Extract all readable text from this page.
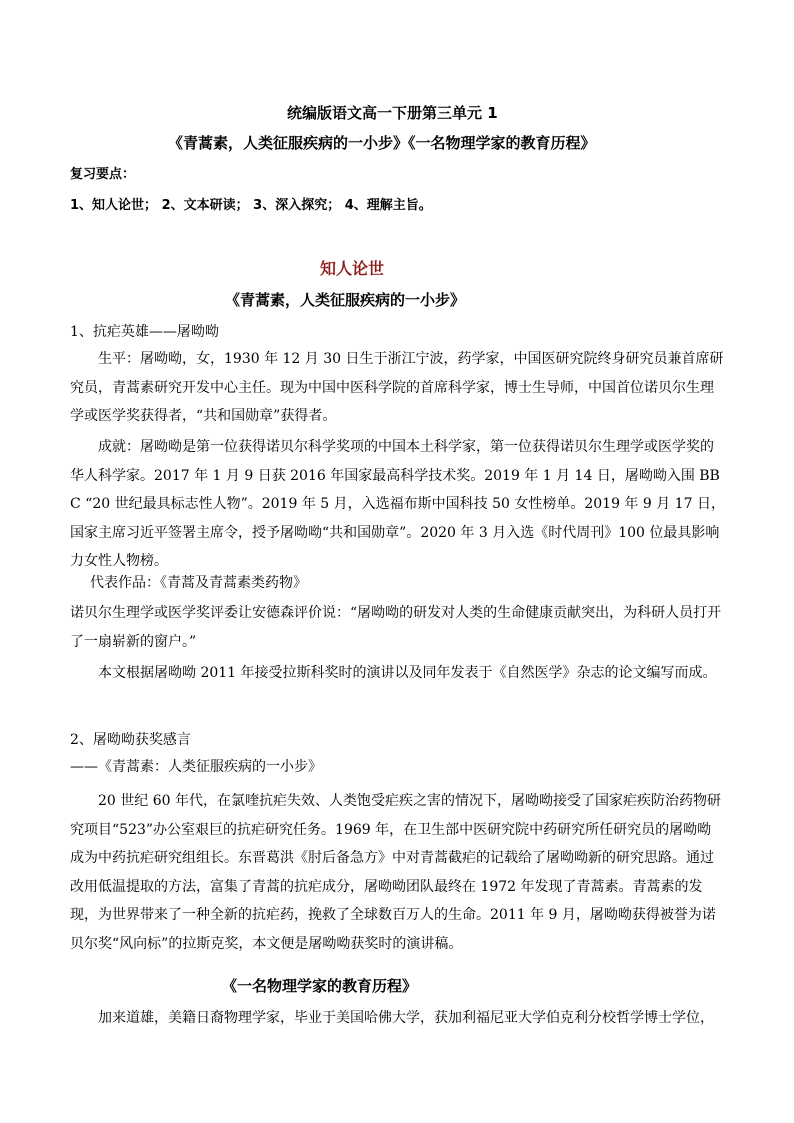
统编版语文高一下册第三单元 1
《青蒿素，人类征服疾病的一小步》《一名物理学家的教育历程》
复习要点：
1、知人论世； 2、文本研读； 3、深入探究； 4、理解主旨。
知人论世
《青蒿素，人类征服疾病的一小步》
1、抗疟英雄——屠呦呦
生平：屠呦呦，女，1930 年 12 月 30 日生于浙江宁波，药学家，中国医研究院终身研究员兼首席研究员，青蒿素研究开发中心主任。现为中国中医科学院的首席科学家，博士生导师，中国首位诺贝尔生理学或医学奖获得者，“共和国勋章”获得者。
成就：屠呦呦是第一位获得诺贝尔科学奖项的中国本土科学家，第一位获得诺贝尔生理学或医学奖的华人科学家。2017 年 1 月 9 日获 2016 年国家最高科学技术奖。2019 年 1 月 14 日，屠呦呦入围 BBC “20 世纪最具标志性人物”。2019 年 5 月，入选福布斯中国科技 50 女性榜单。2019 年 9 月 17 日，国家主席习近平签署主席令，授予屠呦呦“共和国勋章”。2020 年 3 月入选《时代周刊》100 位最具影响力女性人物榜。
代表作品：《青蒿及青蒿素类药物》
诺贝尔生理学或医学奖评委让安德森评价说：“屠呦呦的研发对人类的生命健康贡献突出，为科研人员打开了一扇崭新的窗户。”
本文根据屠呦呦 2011 年接受拉斯科奖时的演讲以及同年发表于《自然医学》杂志的论文编写而成。
2、屠呦呦获奖感言
——《青蒿素：人类征服疾病的一小步》
20 世纪 60 年代，在氯喹抗疟失效、人类饱受疟疾之害的情况下，屠呦呦接受了国家疟疾防治药物研究项目“523”办公室艰巨的抗疟研究任务。1969 年，在卫生部中医研究院中药研究所任研究员的屠呦呦成为中药抗疟研究组组长。东晋葛洪《肘后备急方》中对青蒿截疟的记载给了屠呦呦新的研究思路。通过改用低温提取的方法，富集了青蒿的抗疟成分，屠呦呦团队最终在 1972 年发现了青蒿素。青蒿素的发现，为世界带来了一种全新的抗疟药，挽救了全球数百万人的生命。2011 年 9 月，屠呦呦获得被誉为诺贝尔奖“风向标”的拉斯克奖，本文便是屠呦呦获奖时的演讲稿。
《一名物理学家的教育历程》
加来道雄，美籍日裔物理学家，毕业于美国哈佛大学，获加利福尼亚大学伯克利分校哲学博士学位，
